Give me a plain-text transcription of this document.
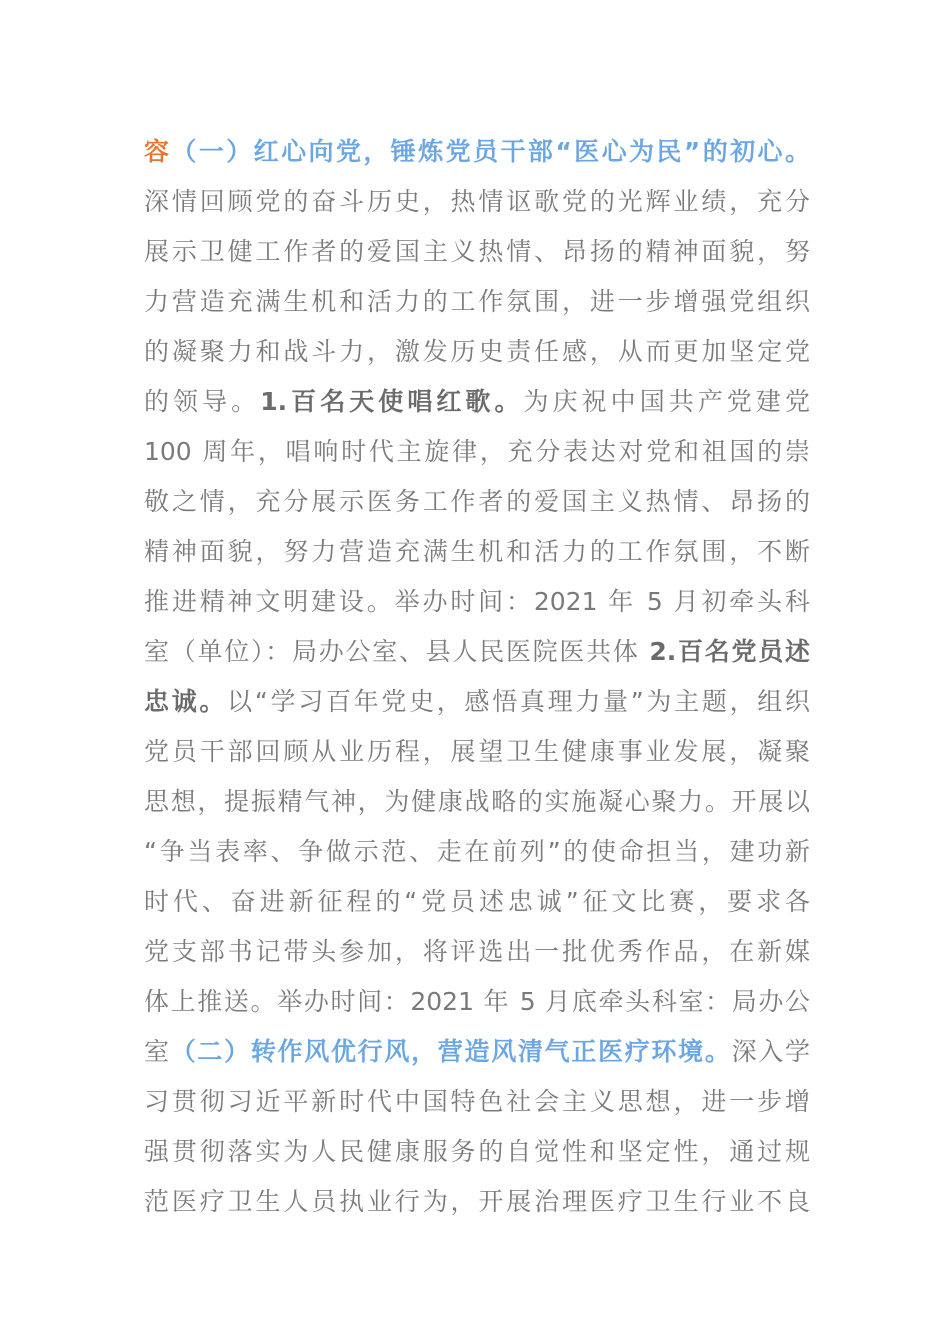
容（一）红心向党，锤炼党员干部“医心为民”的初心。
深情回顾党的奋斗历史，热情讴歌党的光辉业绩，充分
展示卫健工作者的爱国主义热情、昂扬的精神面貌，努
力营造充满生机和活力的工作氛围，进一步增强党组织
的凝聚力和战斗力，激发历史责任感，从而更加坚定党
的领导。1.百名天使唱红歌。为庆祝中国共产党建党
100 周年，唱响时代主旋律，充分表达对党和祖国的崇
敬之情，充分展示医务工作者的爱国主义热情、昂扬的
精神面貌，努力营造充满生机和活力的工作氛围，不断
推进精神文明建设。举办时间：2021 年 5 月初牵头科
室（单位）：局办公室、县人民医院医共体 2.百名党员述
忠诚。以“学习百年党史，感悟真理力量”为主题，组织
党员干部回顾从业历程，展望卫生健康事业发展，凝聚
思想，提振精气神，为健康战略的实施凝心聚力。开展以
“争当表率、争做示范、走在前列”的使命担当，建功新
时代、奋进新征程的“党员述忠诚”征文比赛，要求各
党支部书记带头参加，将评选出一批优秀作品，在新媒
体上推送。举办时间：2021 年 5 月底牵头科室：局办公
室（二）转作风优行风，营造风清气正医疗环境。深入学
习贯彻习近平新时代中国特色社会主义思想，进一步增
强贯彻落实为人民健康服务的自觉性和坚定性，通过规
范医疗卫生人员执业行为，开展治理医疗卫生行业不良
